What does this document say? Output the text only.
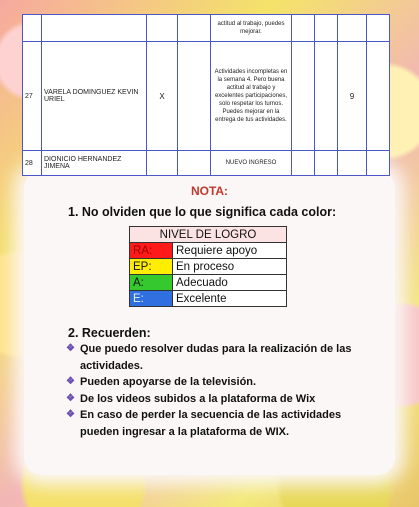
				actitud al trabajo, puedes mejorar.				
27	VARELA DOMINGUEZ KEVIN URIEL	X		Actividades incompletas en la semana 4. Pero buena actitud al trabajo y excelentes participaciones, solo respetar los turnos. Puedes mejorar en la entrega de tus actividades.			9	
28	DIONICIO HERNANDEZ JIMENA			NUEVO INGRESO				
NOTA:
1. No olviden que lo que significa cada color:
NIVEL DE LOGRO	
RA:	Requiere apoyo
EP:	En proceso
A:	Adecuado
E:	Excelente
2. Recuerden:
❖ Que puedo resolver dudas para la realización de las actividades.
❖ Pueden apoyarse de la televisión.
❖ De los videos subidos a la plataforma de Wix
❖ En caso de perder la secuencia de las actividades pueden ingresar a la plataforma de WIX.
